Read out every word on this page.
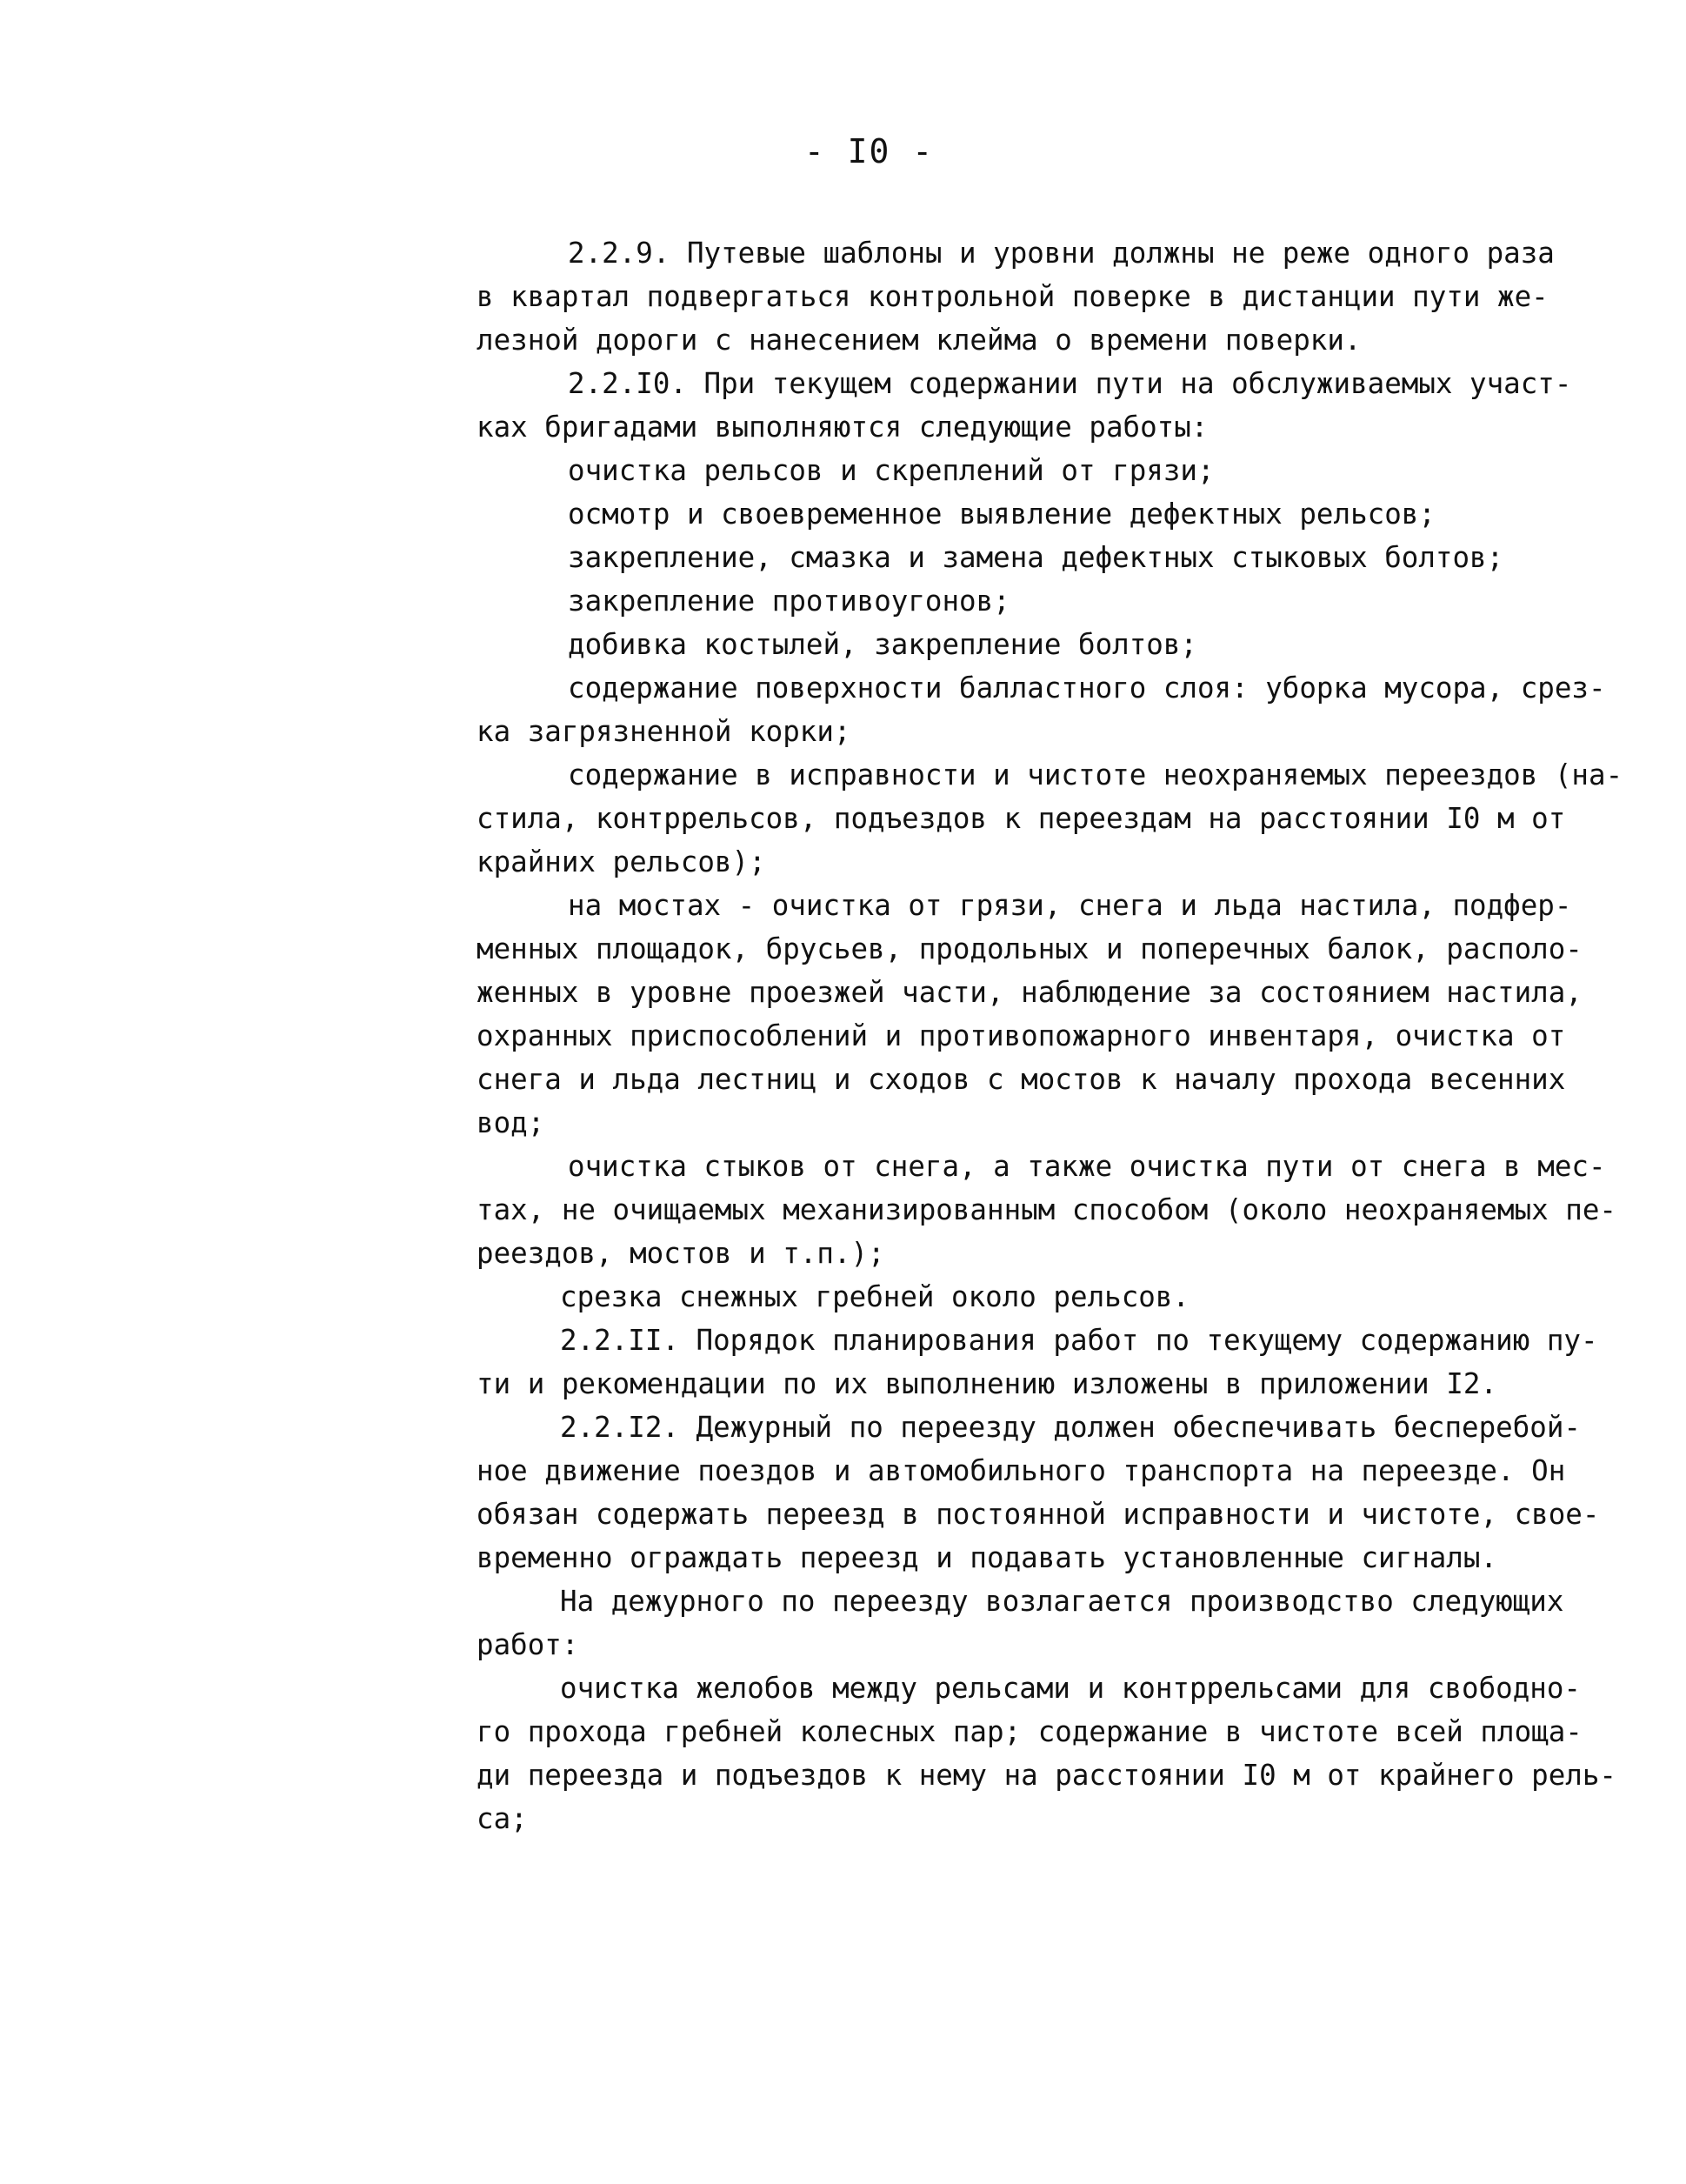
- I0 -
2.2.9. Путевые шаблоны и уровни должны не реже одного раза
в квартал подвергаться контрольной поверке в дистанции пути же-
лезной дороги с нанесением клейма о времени поверки.
2.2.I0. При текущем содержании пути на обслуживаемых участ-
ках бригадами выполняются следующие работы:
очистка рельсов и скреплений от грязи;
осмотр и своевременное выявление дефектных рельсов;
закрепление, смазка и замена дефектных стыковых болтов;
закрепление противоугонов;
добивка костылей, закрепление болтов;
содержание поверхности балластного слоя: уборка мусора, срез-
ка загрязненной корки;
содержание в исправности и чистоте неохраняемых переездов (на-
стила, контррельсов, подъездов к переездам на расстоянии I0 м от
крайних рельсов);
на мостах - очистка от грязи, снега и льда настила, подфер-
менных площадок, брусьев, продольных и поперечных балок, располо-
женных в уровне проезжей части, наблюдение за состоянием настила,
охранных приспособлений и противопожарного инвентаря, очистка от
снега и льда лестниц и сходов с мостов к началу прохода весенних
вод;
очистка стыков от снега, а также очистка пути от снега в мес-
тах, не очищаемых механизированным способом (около неохраняемых пе-
реездов, мостов и т.п.);
срезка снежных гребней около рельсов.
2.2.II. Порядок планирования работ по текущему содержанию пу-
ти и рекомендации по их выполнению изложены в приложении I2.
2.2.I2. Дежурный по переезду должен обеспечивать бесперебой-
ное движение поездов и автомобильного транспорта на переезде. Он
обязан содержать переезд в постоянной исправности и чистоте, свое-
временно ограждать переезд и подавать установленные сигналы.
На дежурного по переезду возлагается производство следующих
работ:
очистка желобов между рельсами и контррельсами для свободно-
го прохода гребней колесных пар; содержание в чистоте всей площа-
ди переезда и подъездов к нему на расстоянии I0 м от крайнего рель-
са;
